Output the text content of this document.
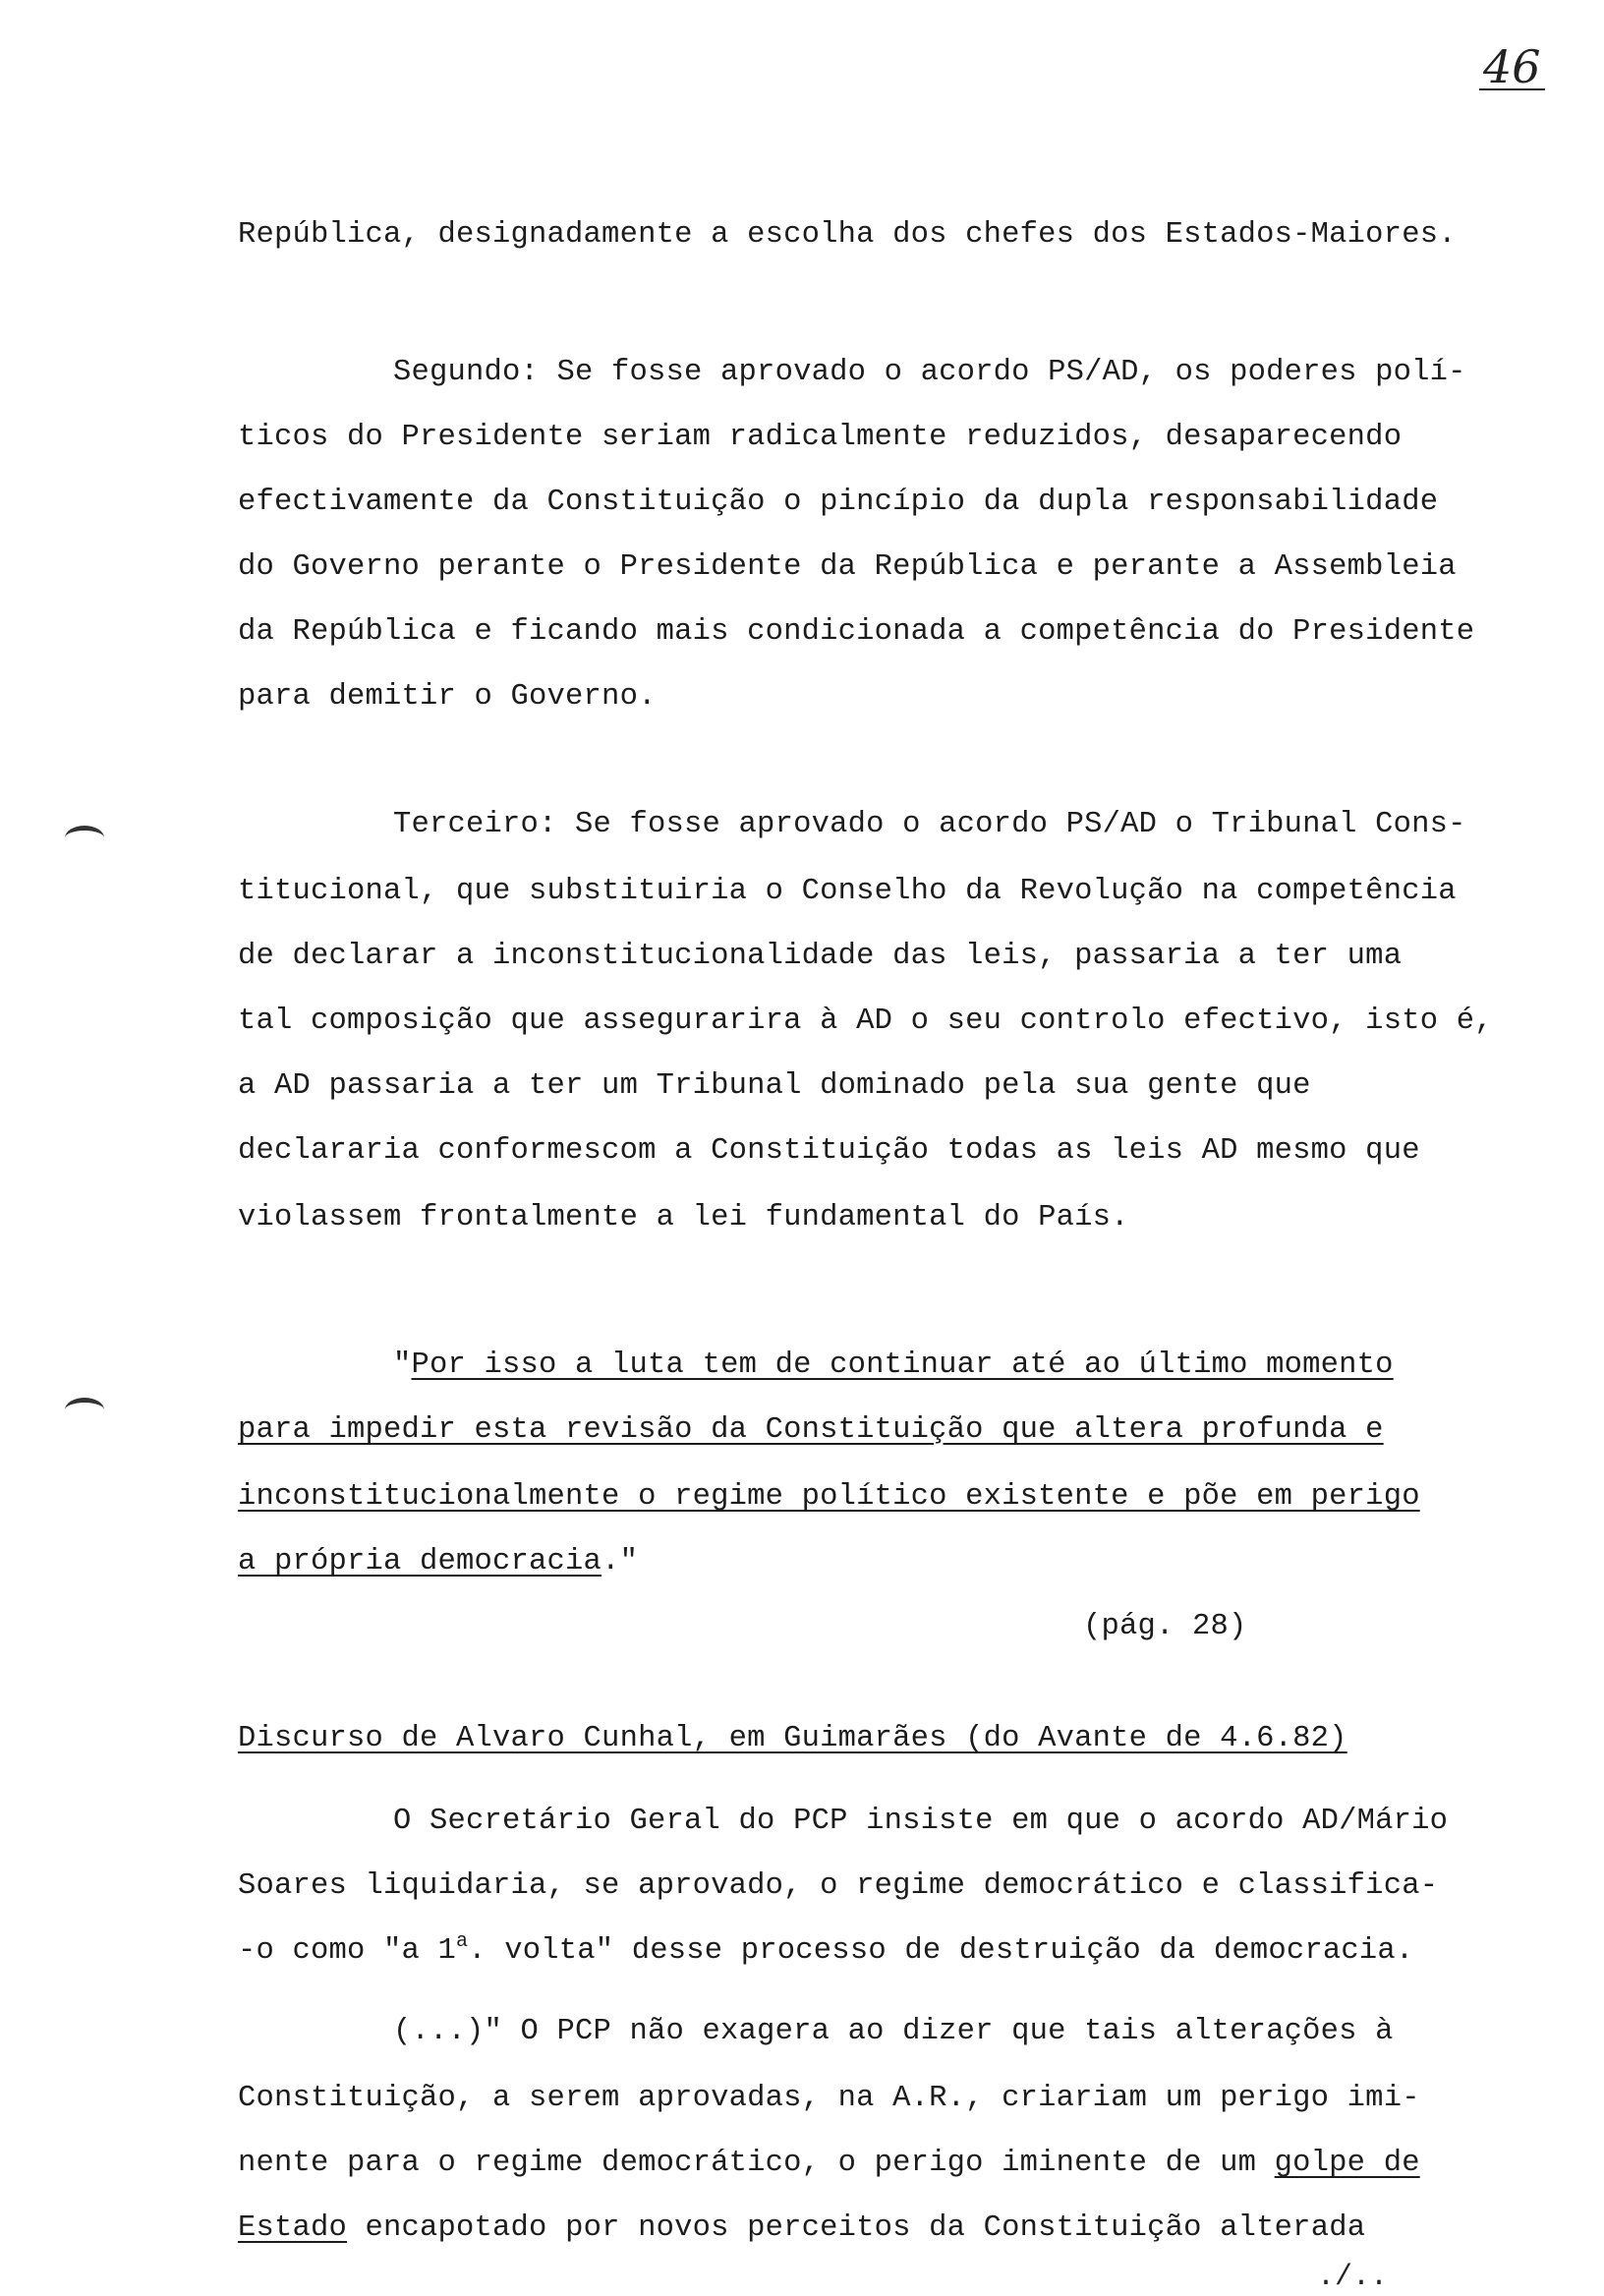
46
República, designadamente a escolha dos chefes dos Estados-Maiores.
Segundo: Se fosse aprovado o acordo PS/AD, os poderes polí-
ticos do Presidente seriam radicalmente reduzidos, desaparecendo
efectivamente da Constituição o pincípio da dupla responsabilidade
do Governo perante o Presidente da República e perante a Assembleia
da República e ficando mais condicionada a competência do Presidente
para demitir o Governo.
Terceiro: Se fosse aprovado o acordo PS/AD o Tribunal Cons-
titucional, que substituiria o Conselho da Revolução na competência
de declarar a inconstitucionalidade das leis, passaria a ter uma
tal composição que assegurarira à AD o seu controlo efectivo, isto é,
a AD passaria a ter um Tribunal dominado pela sua gente que
declararia conformescom a Constituição todas as leis AD mesmo que
violassem frontalmente a lei fundamental do País.
"Por isso a luta tem de continuar até ao último momento
para impedir esta revisão da Constituição que altera profunda e
inconstitucionalmente o regime político existente e põe em perigo
a própria democracia."
(pág. 28)
Discurso de Alvaro Cunhal, em Guimarães (do Avante de 4.6.82)
O Secretário Geral do PCP insiste em que o acordo AD/Mário
Soares liquidaria, se aprovado, o regime democrático e classifica-
-o como "a 1$^a$. volta" desse processo de destruição da democracia.
(...)" O PCP não exagera ao dizer que tais alterações à
Constituição, a serem aprovadas, na A.R., criariam um perigo imi-
nente para o regime democrático, o perigo iminente de um golpe de
Estado encapotado por novos perceitos da Constituição alterada
./..
